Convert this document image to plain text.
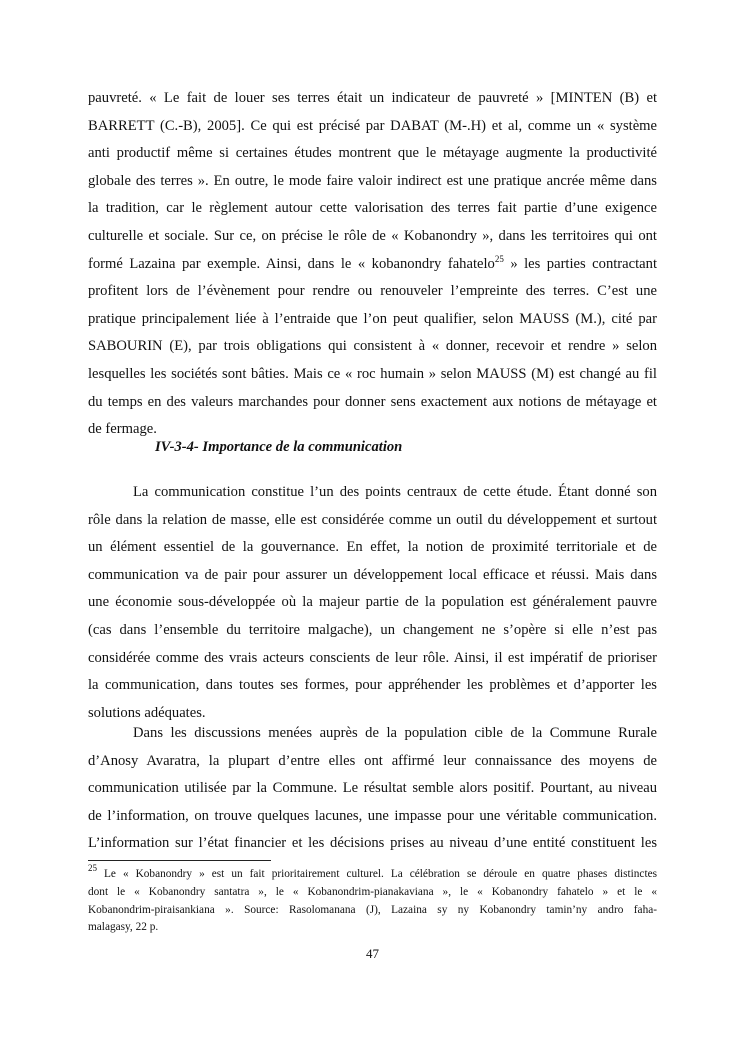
pauvreté. « Le fait de louer ses terres était un indicateur de pauvreté » [MINTEN (B) et
BARRETT (C.-B), 2005]. Ce qui est précisé par DABAT (M-.H) et al, comme un « système
anti productif même si certaines études montrent que le métayage augmente la productivité
globale des terres ». En outre, le mode faire valoir indirect est une pratique ancrée même dans
la tradition, car le règlement autour cette valorisation des terres fait partie d’une exigence
culturelle et sociale. Sur ce, on précise le rôle de « Kobanondry », dans les territoires qui ont
formé Lazaina par exemple. Ainsi, dans le « kobanondry fahatelo$^{25}$ » les parties contractant
profitent lors de l’évènement pour rendre ou renouveler l’empreinte des terres. C’est une
pratique principalement liée à l’entraide que l’on peut qualifier, selon MAUSS (M.), cité par
SABOURIN (E), par trois obligations qui consistent à « donner, recevoir et rendre » selon
lesquelles les sociétés sont bâties. Mais ce « roc humain » selon MAUSS (M) est changé au fil
du temps en des valeurs marchandes pour donner sens exactement aux notions de métayage et
de fermage.
IV-3-4- Importance de la communication
La communication constitue l’un des points centraux de cette étude. Étant donné son
rôle dans la relation de masse, elle est considérée comme un outil du développement et surtout
un élément essentiel de la gouvernance. En effet, la notion de proximité territoriale et de
communication va de pair pour assurer un développement local efficace et réussi. Mais dans
une économie sous-développée où la majeur partie de la population est généralement pauvre
(cas dans l’ensemble du territoire malgache), un changement ne s’opère si elle n’est pas
considérée comme des vrais acteurs conscients de leur rôle. Ainsi, il est impératif de prioriser
la communication, dans toutes ses formes, pour appréhender les problèmes et d’apporter les
solutions adéquates.
Dans les discussions menées auprès de la population cible de la Commune Rurale
d’Anosy Avaratra, la plupart d’entre elles ont affirmé leur connaissance des moyens de
communication utilisée par la Commune. Le résultat semble alors positif. Pourtant, au niveau
de l’information, on trouve quelques lacunes, une impasse pour une véritable communication.
L’information sur l’état financier et les décisions prises au niveau d’une entité constituent les
$^{25}$ Le « Kobanondry » est un fait prioritairement culturel. La célébration se déroule en quatre phases distinctes
dont le « Kobanondry santatra », le « Kobanondrim-pianakaviana », le « Kobanondry fahatelo » et le «
Kobanondrim-piraisankiana ». Source: Rasolomanana (J), Lazaina sy ny Kobanondry tamin’ny andro faha-
malagasy, 22 p.
47
